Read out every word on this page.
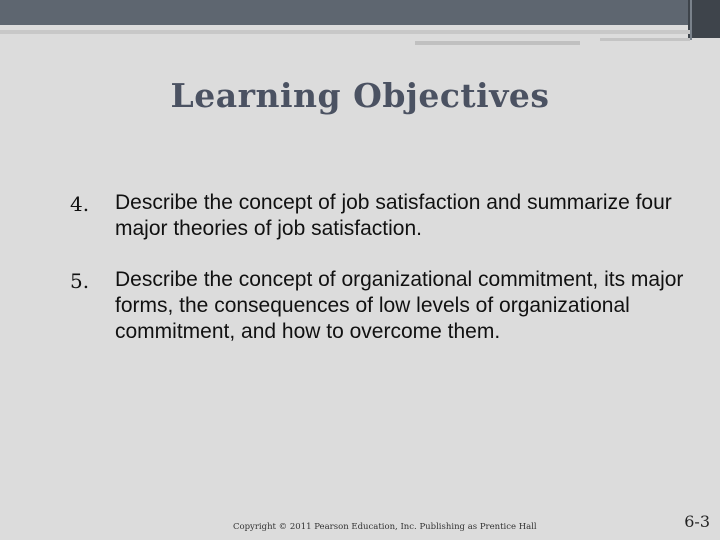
Learning Objectives
4.	Describe the concept of job satisfaction and summarize four major theories of job satisfaction.
5.	Describe the concept of organizational commitment, its major forms, the consequences of low levels of organizational commitment, and how to overcome them.
Copyright © 2011 Pearson Education, Inc. Publishing as Prentice Hall	6-3
